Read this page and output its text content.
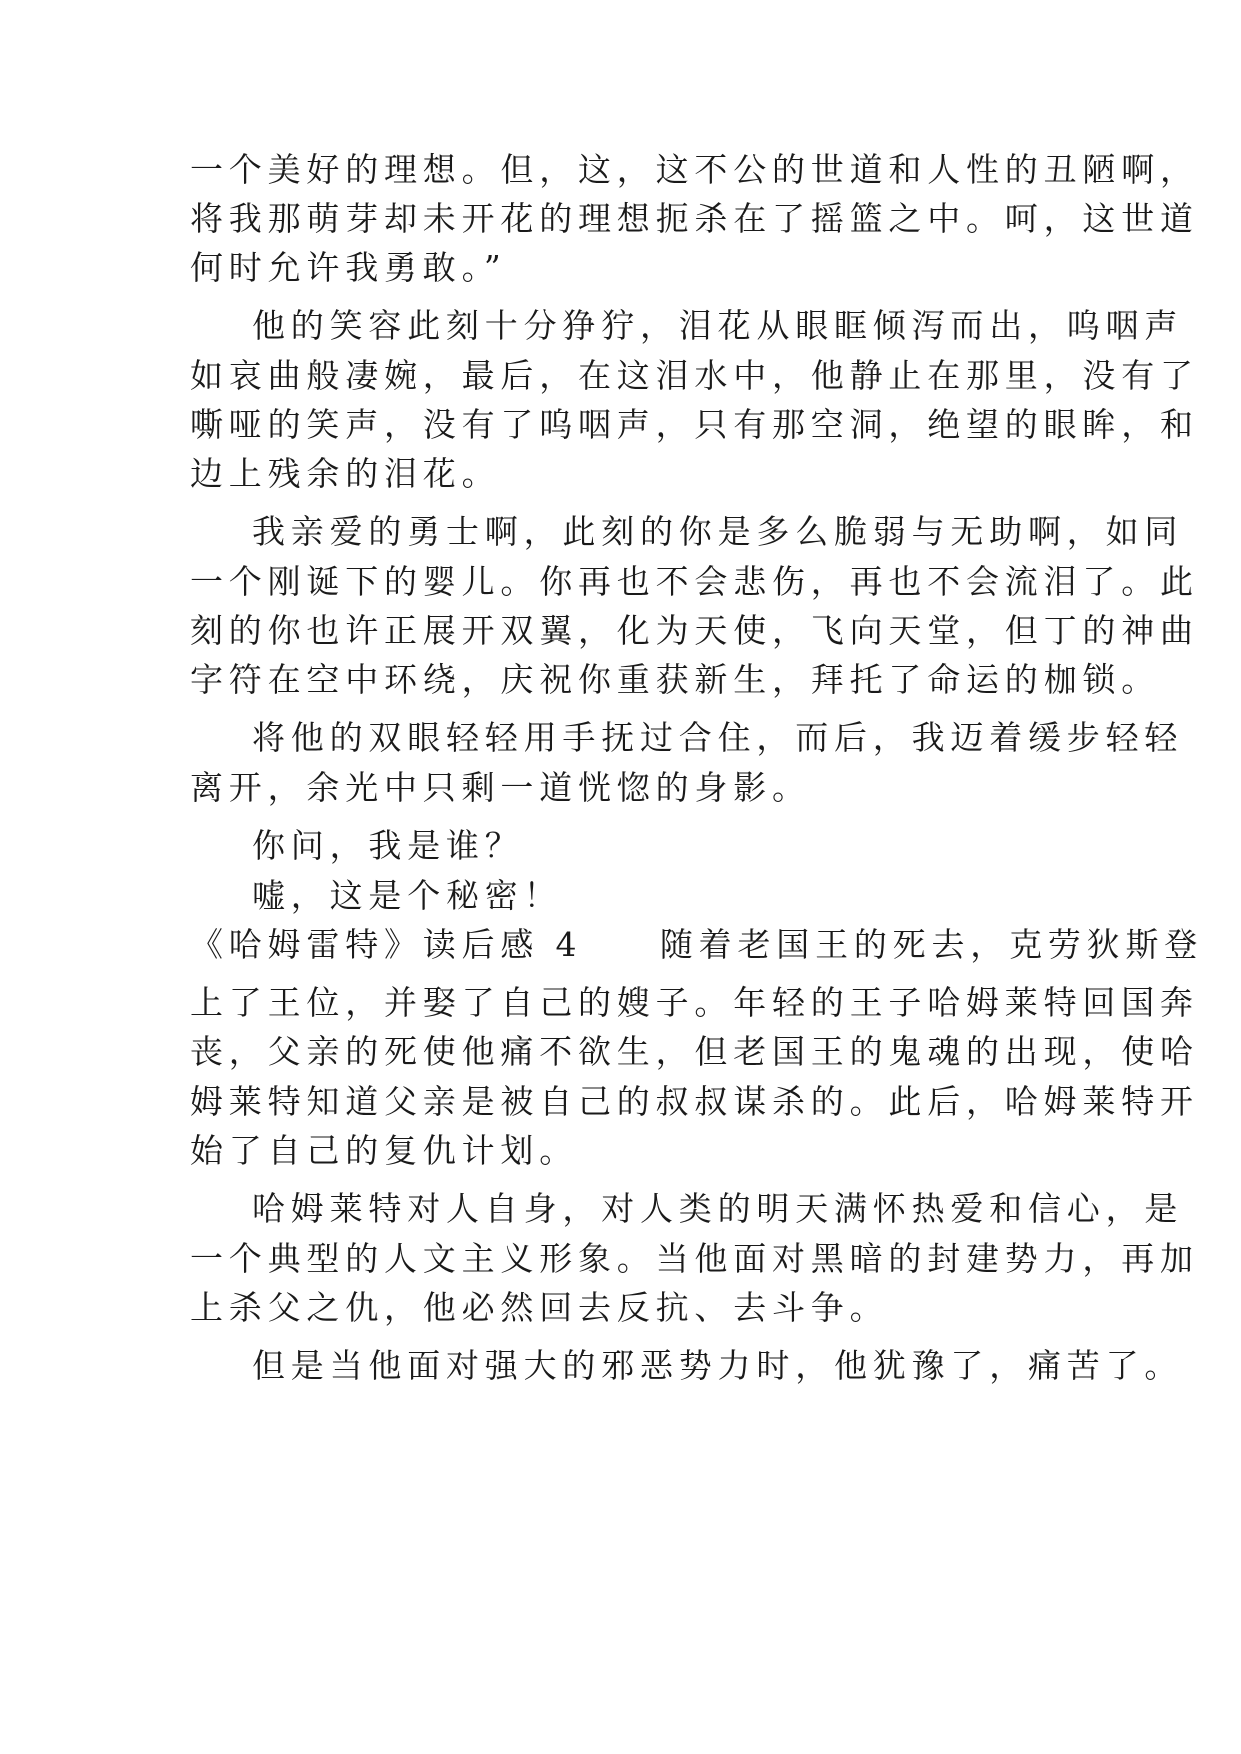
一个美好的理想。但，这，这不公的世道和人性的丑陋啊，
将我那萌芽却未开花的理想扼杀在了摇篮之中。呵，这世道
何时允许我勇敢。”
他的笑容此刻十分狰狞，泪花从眼眶倾泻而出，呜咽声
如哀曲般凄婉，最后，在这泪水中，他静止在那里，没有了
嘶哑的笑声，没有了呜咽声，只有那空洞，绝望的眼眸，和
边上残余的泪花。
我亲爱的勇士啊，此刻的你是多么脆弱与无助啊，如同
一个刚诞下的婴儿。你再也不会悲伤，再也不会流泪了。此
刻的你也许正展开双翼，化为天使，飞向天堂，但丁的神曲
字符在空中环绕，庆祝你重获新生，拜托了命运的枷锁。
将他的双眼轻轻用手抚过合住，而后，我迈着缓步轻轻
离开，余光中只剩一道恍惚的身影。
你问，我是谁？
嘘，这是个秘密！
《哈姆雷特》读后感 4　　随着老国王的死去，克劳狄斯登
上了王位，并娶了自己的嫂子。年轻的王子哈姆莱特回国奔
丧，父亲的死使他痛不欲生，但老国王的鬼魂的出现，使哈
姆莱特知道父亲是被自己的叔叔谋杀的。此后，哈姆莱特开
始了自己的复仇计划。
哈姆莱特对人自身，对人类的明天满怀热爱和信心，是
一个典型的人文主义形象。当他面对黑暗的封建势力，再加
上杀父之仇，他必然回去反抗、去斗争。
但是当他面对强大的邪恶势力时，他犹豫了，痛苦了。
